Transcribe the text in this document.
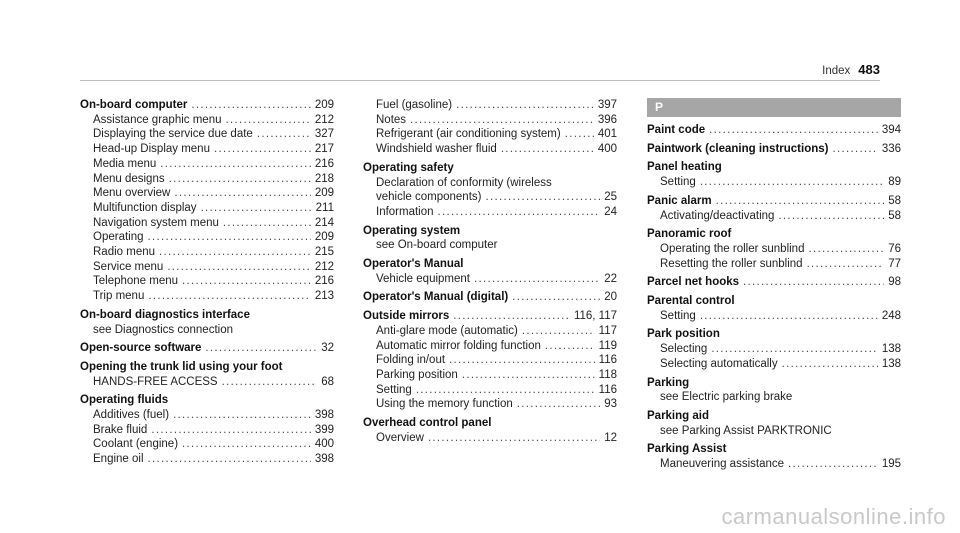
Index 483
On-board computer .....	209
Assistance graphic menu .....	212
Displaying the service due date .....	327
Head-up Display menu .....	217
Media menu .....	216
Menu designs .....	218
Menu overview .....	209
Multifunction display .....	211
Navigation system menu .....	214
Operating .....	209
Radio menu .....	215
Service menu .....	212
Telephone menu .....	216
Trip menu .....	213
On-board diagnostics interface
see Diagnostics connection
Open-source software .....	32
Opening the trunk lid using your foot
HANDS-FREE ACCESS .....	68
Operating fluids
Additives (fuel) .....	398
Brake fluid .....	399
Coolant (engine) .....	400
Engine oil .....	398
Fuel (gasoline) .....	397
Notes .....	396
Refrigerant (air conditioning system) .....	401
Windshield washer fluid .....	400
Operating safety
Declaration of conformity (wireless
vehicle components) .....	25
Information .....	24
Operating system
see On-board computer
Operator's Manual
Vehicle equipment .....	22
Operator's Manual (digital) .....	20
Outside mirrors .....	116, 117
Anti-glare mode (automatic) .....	117
Automatic mirror folding function .....	119
Folding in/out .....	116
Parking position .....	118
Setting .....	116
Using the memory function .....	93
Overhead control panel
Overview .....	12
P
Paint code .....	394
Paintwork (cleaning instructions) .....	336
Panel heating
Setting .....	89
Panic alarm .....	58
Activating/deactivating .....	58
Panoramic roof
Operating the roller sunblind .....	76
Resetting the roller sunblind .....	77
Parcel net hooks .....	98
Parental control
Setting .....	248
Park position
Selecting .....	138
Selecting automatically .....	138
Parking
see Electric parking brake
Parking aid
see Parking Assist PARKTRONIC
Parking Assist
Maneuvering assistance .....	195
carmanualsonline.info
